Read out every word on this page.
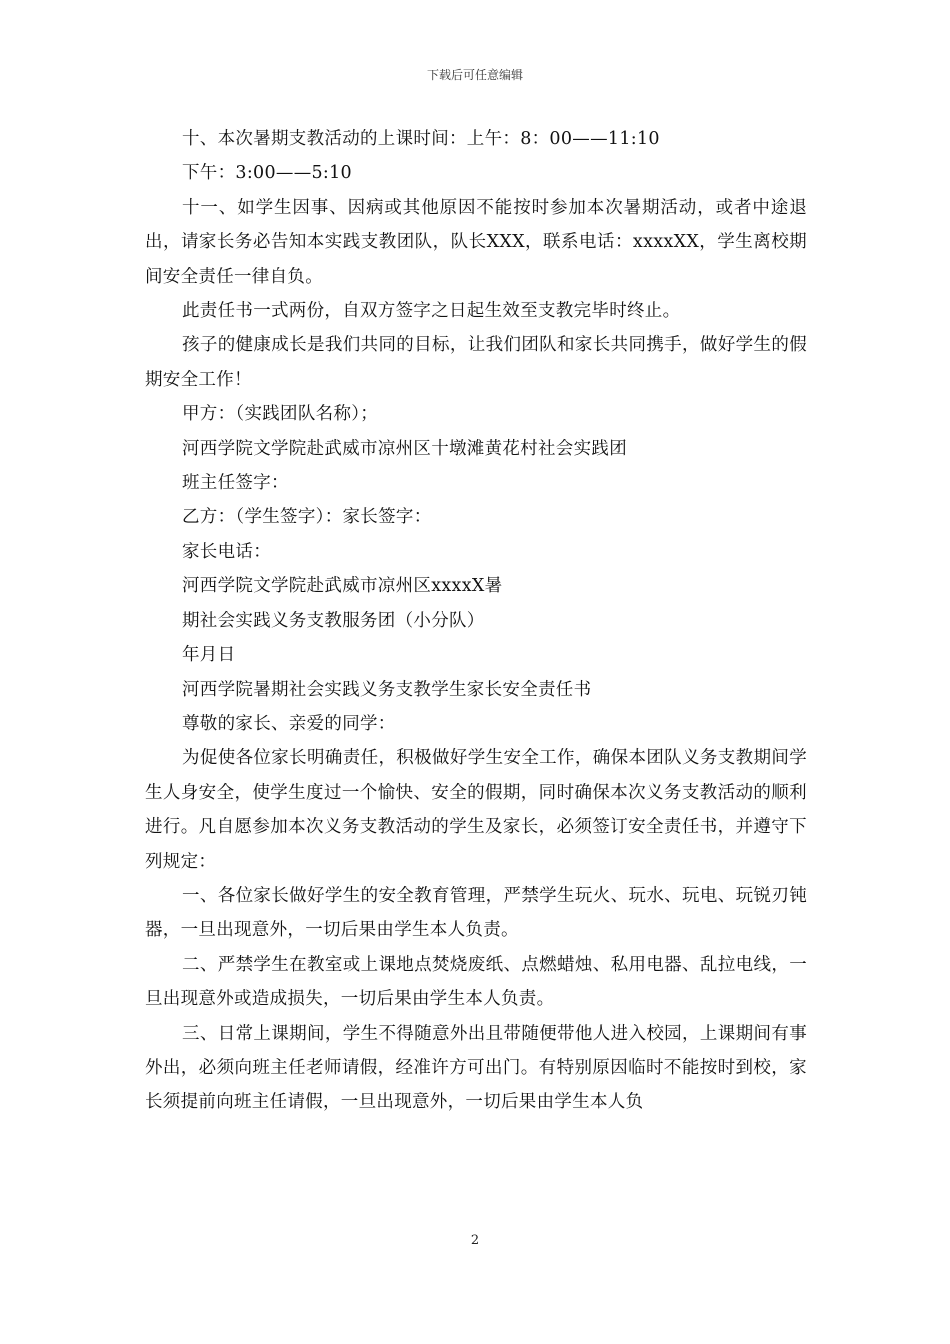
下载后可任意编辑

十、本次暑期支教活动的上课时间：上午：8：00——11:10

下午：3:00——5:10

十一、如学生因事、因病或其他原因不能按时参加本次暑期活动，或者中途退出，请家长务必告知本实践支教团队，队长XXX，联系电话：xxxxXX，学生离校期间安全责任一律自负。

此责任书一式两份，自双方签字之日起生效至支教完毕时终止。

孩子的健康成长是我们共同的目标，让我们团队和家长共同携手，做好学生的假期安全工作！

甲方：（实践团队名称）；

河西学院文学院赴武威市凉州区十墩滩黄花村社会实践团

班主任签字：

乙方：（学生签字）：家长签字：

家长电话：

河西学院文学院赴武威市凉州区xxxxX暑

期社会实践义务支教服务团（小分队）

年月日

河西学院暑期社会实践义务支教学生家长安全责任书

尊敬的家长、亲爱的同学：

为促使各位家长明确责任，积极做好学生安全工作，确保本团队义务支教期间学生人身安全，使学生度过一个愉快、安全的假期，同时确保本次义务支教活动的顺利进行。凡自愿参加本次义务支教活动的学生及家长，必须签订安全责任书，并遵守下列规定：

一、各位家长做好学生的安全教育管理，严禁学生玩火、玩水、玩电、玩锐刃钝器，一旦出现意外，一切后果由学生本人负责。

二、严禁学生在教室或上课地点焚烧废纸、点燃蜡烛、私用电器、乱拉电线，一旦出现意外或造成损失，一切后果由学生本人负责。

三、日常上课期间，学生不得随意外出且带随便带他人进入校园，上课期间有事外出，必须向班主任老师请假，经准许方可出门。有特别原因临时不能按时到校，家长须提前向班主任请假，一旦出现意外，一切后果由学生本人负

2
